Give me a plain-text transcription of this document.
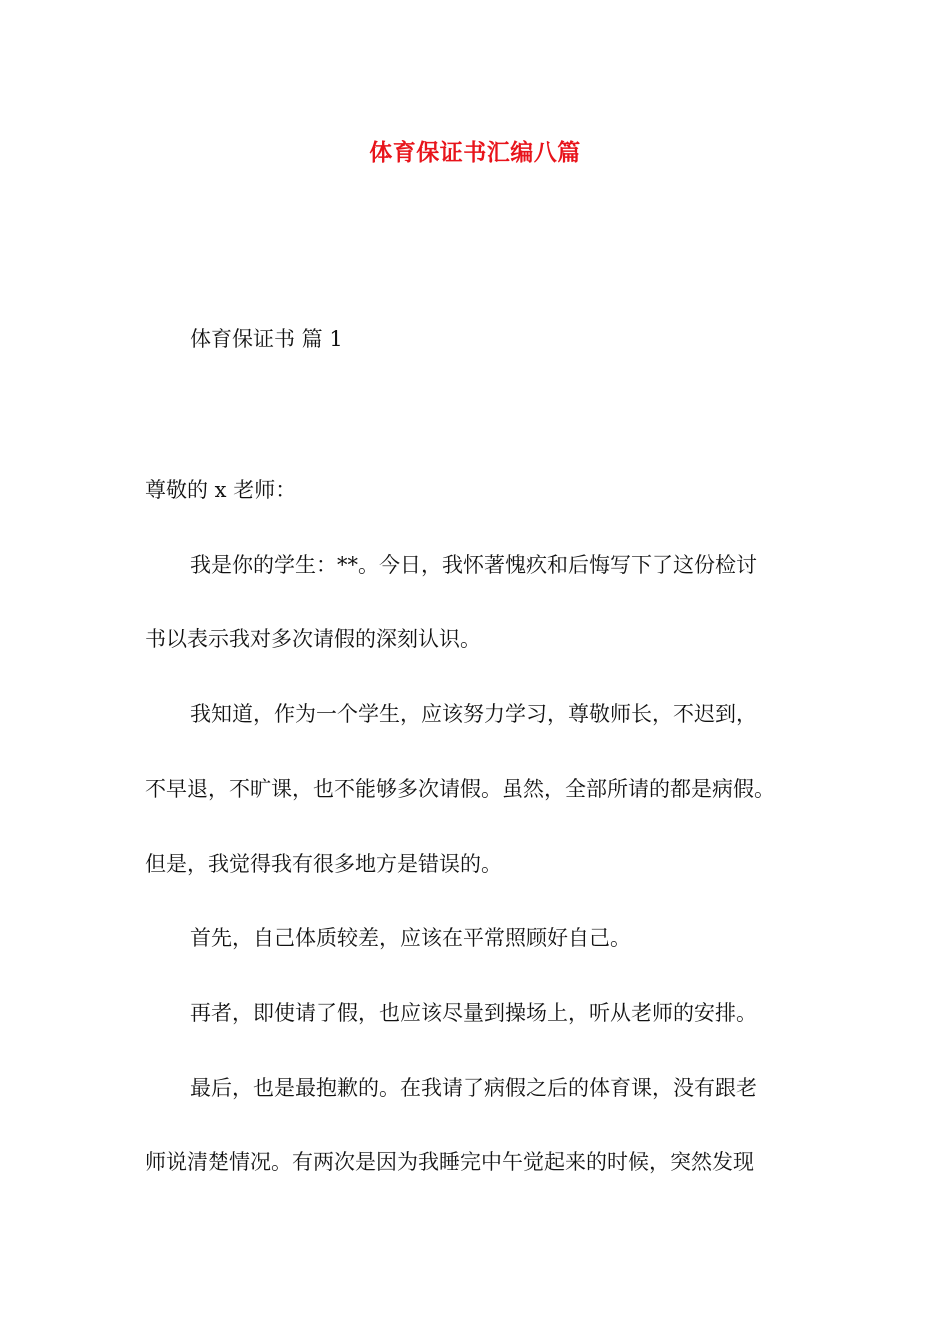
体育保证书汇编八篇
体育保证书 篇 1
尊敬的 x 老师：
我是你的学生：**。今日，我怀著愧疚和后悔写下了这份检讨
书以表示我对多次请假的深刻认识。
我知道，作为一个学生，应该努力学习，尊敬师长，不迟到，
不早退，不旷课，也不能够多次请假。虽然，全部所请的都是病假。
但是，我觉得我有很多地方是错误的。
首先，自己体质较差，应该在平常照顾好自己。
再者，即使请了假，也应该尽量到操场上，听从老师的安排。
最后，也是最抱歉的。在我请了病假之后的体育课，没有跟老
师说清楚情况。有两次是因为我睡完中午觉起来的时候，突然发现
